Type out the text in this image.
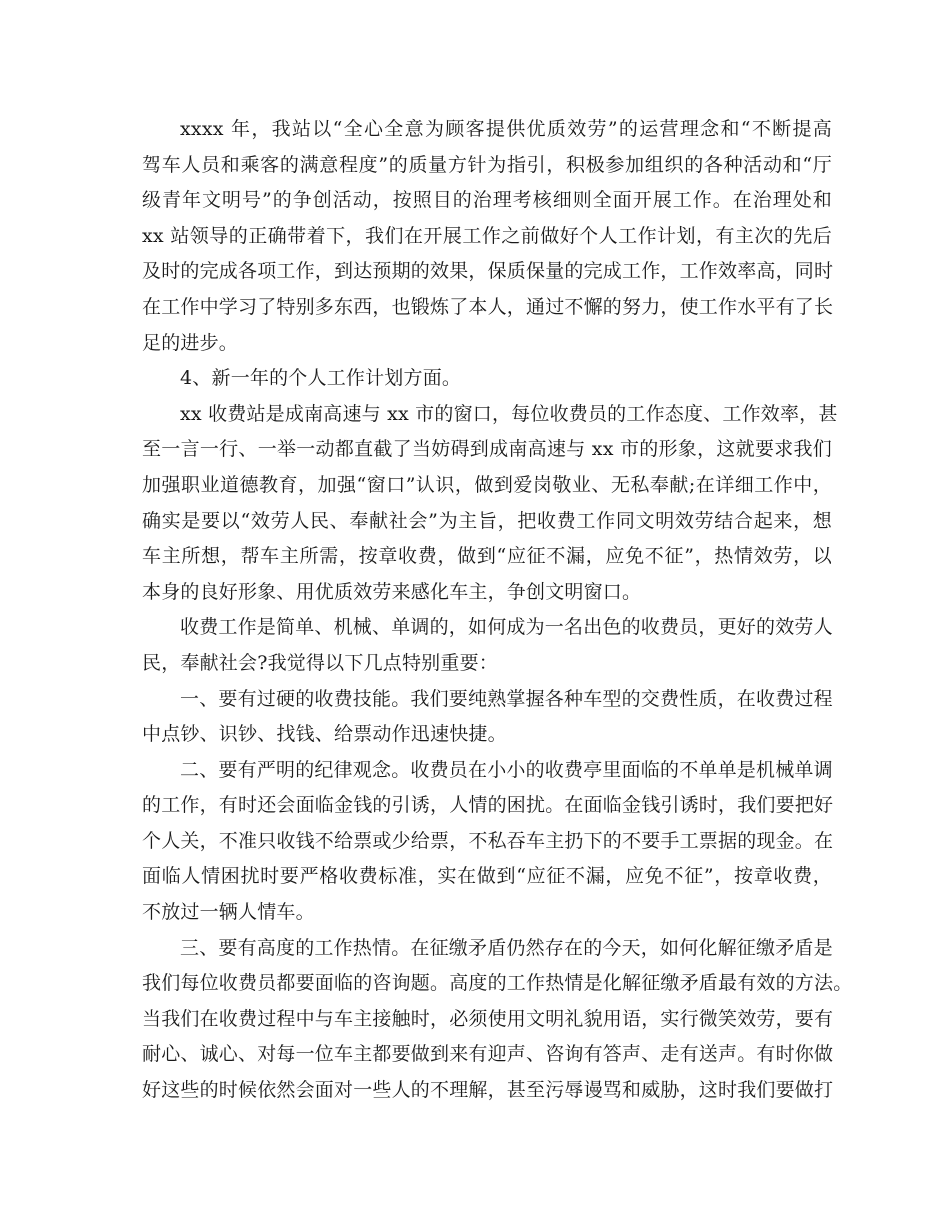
xxxx 年，我站以“全心全意为顾客提供优质效劳”的运营理念和“不断提高
驾车人员和乘客的满意程度”的质量方针为指引，积极参加组织的各种活动和“厅
级青年文明号”的争创活动，按照目的治理考核细则全面开展工作。在治理处和
xx 站领导的正确带着下，我们在开展工作之前做好个人工作计划，有主次的先后
及时的完成各项工作，到达预期的效果，保质保量的完成工作，工作效率高，同时
在工作中学习了特别多东西，也锻炼了本人，通过不懈的努力，使工作水平有了长
足的进步。
4、新一年的个人工作计划方面。
xx 收费站是成南高速与 xx 市的窗口，每位收费员的工作态度、工作效率，甚
至一言一行、一举一动都直截了当妨碍到成南高速与 xx 市的形象，这就要求我们
加强职业道德教育，加强“窗口”认识，做到爱岗敬业、无私奉献;在详细工作中，
确实是要以“效劳人民、奉献社会”为主旨，把收费工作同文明效劳结合起来，想
车主所想，帮车主所需，按章收费，做到“应征不漏，应免不征”，热情效劳，以
本身的良好形象、用优质效劳来感化车主，争创文明窗口。
收费工作是简单、机械、单调的，如何成为一名出色的收费员，更好的效劳人
民，奉献社会?我觉得以下几点特别重要：
一、要有过硬的收费技能。我们要纯熟掌握各种车型的交费性质，在收费过程
中点钞、识钞、找钱、给票动作迅速快捷。
二、要有严明的纪律观念。收费员在小小的收费亭里面临的不单单是机械单调
的工作，有时还会面临金钱的引诱，人情的困扰。在面临金钱引诱时，我们要把好
个人关，不准只收钱不给票或少给票，不私吞车主扔下的不要手工票据的现金。在
面临人情困扰时要严格收费标准，实在做到“应征不漏，应免不征”，按章收费，
不放过一辆人情车。
三、要有高度的工作热情。在征缴矛盾仍然存在的今天，如何化解征缴矛盾是
我们每位收费员都要面临的咨询题。高度的工作热情是化解征缴矛盾最有效的方法。
当我们在收费过程中与车主接触时，必须使用文明礼貌用语，实行微笑效劳，要有
耐心、诚心、对每一位车主都要做到来有迎声、咨询有答声、走有送声。有时你做
好这些的时候依然会面对一些人的不理解，甚至污辱谩骂和威胁，这时我们要做打
